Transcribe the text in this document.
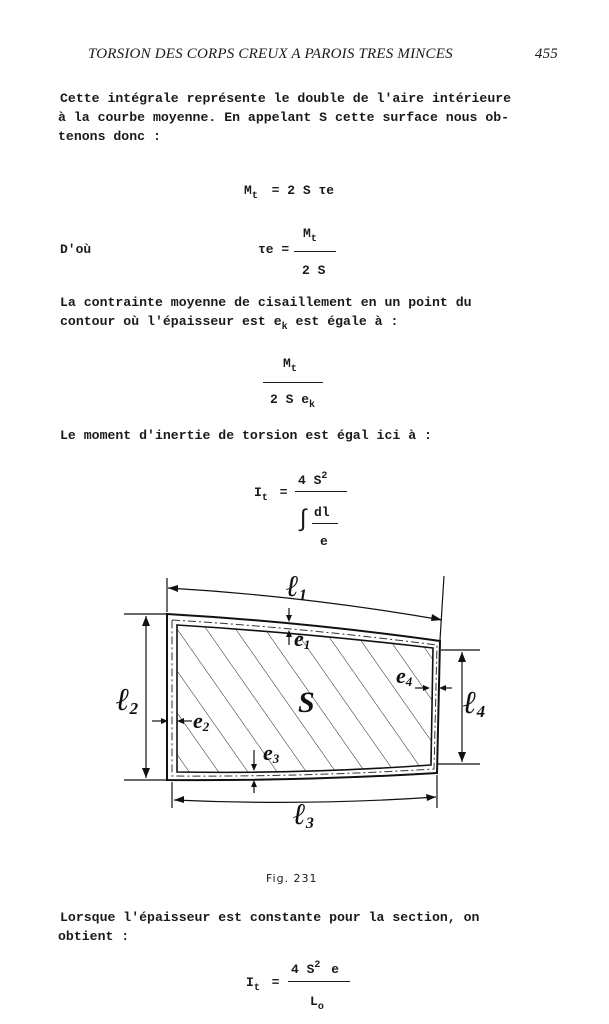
TORSION DES CORPS CREUX A PAROIS TRES MINCES	455
Cette intégrale représente le double de l'aire intérieure
à la courbe moyenne. En appelant S cette surface nous ob-
tenons donc :
$M_t = 2$ S τe
D'où	τe =
$M_t$
2 S
La contrainte moyenne de cisaillement en un point du
contour où l'épaisseur est $e_k$ est égale à :
$M_t$
2 S $e_k$
Le moment d'inertie de torsion est égal ici à :
$I_t$ =
4 $S^2$
∫ dl
e
ℓ1
ℓ2
ℓ3
ℓ4
e1
e2
e3
e4
S
Fig. 231
Lorsque l'épaisseur est constante pour la section, on
obtient :
$I_t$ =
4 $S^2$ e
$L_o$
